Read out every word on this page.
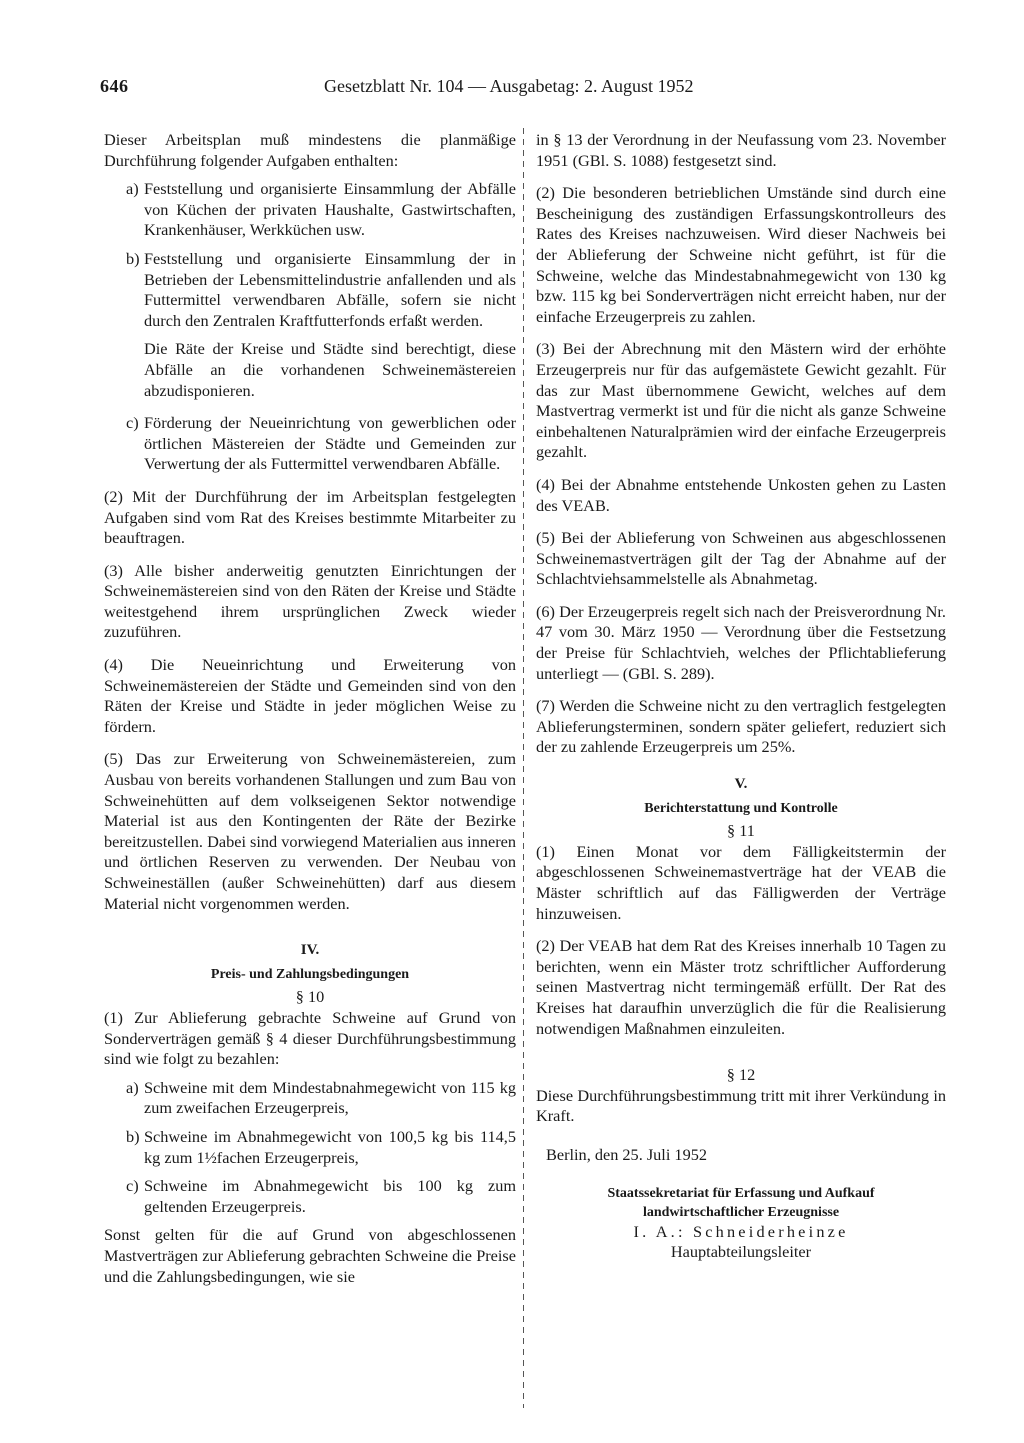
646	Gesetzblatt Nr. 104 — Ausgabetag: 2. August 1952

Dieser Arbeitsplan muß mindestens die planmäßige Durchführung folgender Aufgaben enthalten:

a) Feststellung und organisierte Einsammlung der Abfälle von Küchen der privaten Haushalte, Gastwirtschaften, Krankenhäuser, Werkküchen usw.
b) Feststellung und organisierte Einsammlung der in Betrieben der Lebensmittelindustrie anfallenden und als Futtermittel verwendbaren Abfälle, sofern sie nicht durch den Zentralen Kraftfutterfonds erfaßt werden.

Die Räte der Kreise und Städte sind berechtigt, diese Abfälle an die vorhandenen Schweinemästereien abzudisponieren.

c) Förderung der Neueinrichtung von gewerblichen oder örtlichen Mästereien der Städte und Gemeinden zur Verwertung der als Futtermittel verwendbaren Abfälle.

(2) Mit der Durchführung der im Arbeitsplan festgelegten Aufgaben sind vom Rat des Kreises bestimmte Mitarbeiter zu beauftragen.

(3) Alle bisher anderweitig genutzten Einrichtungen der Schweinemästereien sind von den Räten der Kreise und Städte weitestgehend ihrem ursprünglichen Zweck wieder zuzuführen.

(4) Die Neueinrichtung und Erweiterung von Schweinemästereien der Städte und Gemeinden sind von den Räten der Kreise und Städte in jeder möglichen Weise zu fördern.

(5) Das zur Erweiterung von Schweinemästereien, zum Ausbau von bereits vorhandenen Stallungen und zum Bau von Schweinehütten auf dem volkseigenen Sektor notwendige Material ist aus den Kontingenten der Räte der Bezirke bereitzustellen. Dabei sind vorwiegend Materialien aus inneren und örtlichen Reserven zu verwenden. Der Neubau von Schweineställen (außer Schweinehütten) darf aus diesem Material nicht vorgenommen werden.

IV.

Preis- und Zahlungsbedingungen

§ 10

(1) Zur Ablieferung gebrachte Schweine auf Grund von Sonderverträgen gemäß § 4 dieser Durchführungsbestimmung sind wie folgt zu bezahlen:

a) Schweine mit dem Mindestabnahmegewicht von 115 kg zum zweifachen Erzeugerpreis,
b) Schweine im Abnahmegewicht von 100,5 kg bis 114,5 kg zum 1½fachen Erzeugerpreis,
c) Schweine im Abnahmegewicht bis 100 kg zum geltenden Erzeugerpreis.

Sonst gelten für die auf Grund von abgeschlossenen Mastverträgen zur Ablieferung gebrachten Schweine die Preise und die Zahlungsbedingungen, wie sie

in § 13 der Verordnung in der Neufassung vom 23. November 1951 (GBl. S. 1088) festgesetzt sind.

(2) Die besonderen betrieblichen Umstände sind durch eine Bescheinigung des zuständigen Erfassungskontrolleurs des Rates des Kreises nachzuweisen. Wird dieser Nachweis bei der Ablieferung der Schweine nicht geführt, ist für die Schweine, welche das Mindestabnahmegewicht von 130 kg bzw. 115 kg bei Sonderverträgen nicht erreicht haben, nur der einfache Erzeugerpreis zu zahlen.

(3) Bei der Abrechnung mit den Mästern wird der erhöhte Erzeugerpreis nur für das aufgemästete Gewicht gezahlt. Für das zur Mast übernommene Gewicht, welches auf dem Mastvertrag vermerkt ist und für die nicht als ganze Schweine einbehaltenen Naturalprämien wird der einfache Erzeugerpreis gezahlt.

(4) Bei der Abnahme entstehende Unkosten gehen zu Lasten des VEAB.

(5) Bei der Ablieferung von Schweinen aus abgeschlossenen Schweinemastverträgen gilt der Tag der Abnahme auf der Schlachtviehsammelstelle als Abnahmetag.

(6) Der Erzeugerpreis regelt sich nach der Preisverordnung Nr. 47 vom 30. März 1950 — Verordnung über die Festsetzung der Preise für Schlachtvieh, welches der Pflichtablieferung unterliegt — (GBl. S. 289).

(7) Werden die Schweine nicht zu den vertraglich festgelegten Ablieferungsterminen, sondern später geliefert, reduziert sich der zu zahlende Erzeugerpreis um 25%.

V.

Berichterstattung und Kontrolle

§ 11

(1) Einen Monat vor dem Fälligkeitstermin der abgeschlossenen Schweinemastverträge hat der VEAB die Mäster schriftlich auf das Fälligwerden der Verträge hinzuweisen.

(2) Der VEAB hat dem Rat des Kreises innerhalb 10 Tagen zu berichten, wenn ein Mäster trotz schriftlicher Aufforderung seinen Mastvertrag nicht termingemäß erfüllt. Der Rat des Kreises hat daraufhin unverzüglich die für die Realisierung notwendigen Maßnahmen einzuleiten.

§ 12

Diese Durchführungsbestimmung tritt mit ihrer Verkündung in Kraft.

Berlin, den 25. Juli 1952

Staatssekretariat für Erfassung und Aufkauf

landwirtschaftlicher Erzeugnisse

I. A.: Schneiderheinze

Hauptabteilungsleiter
